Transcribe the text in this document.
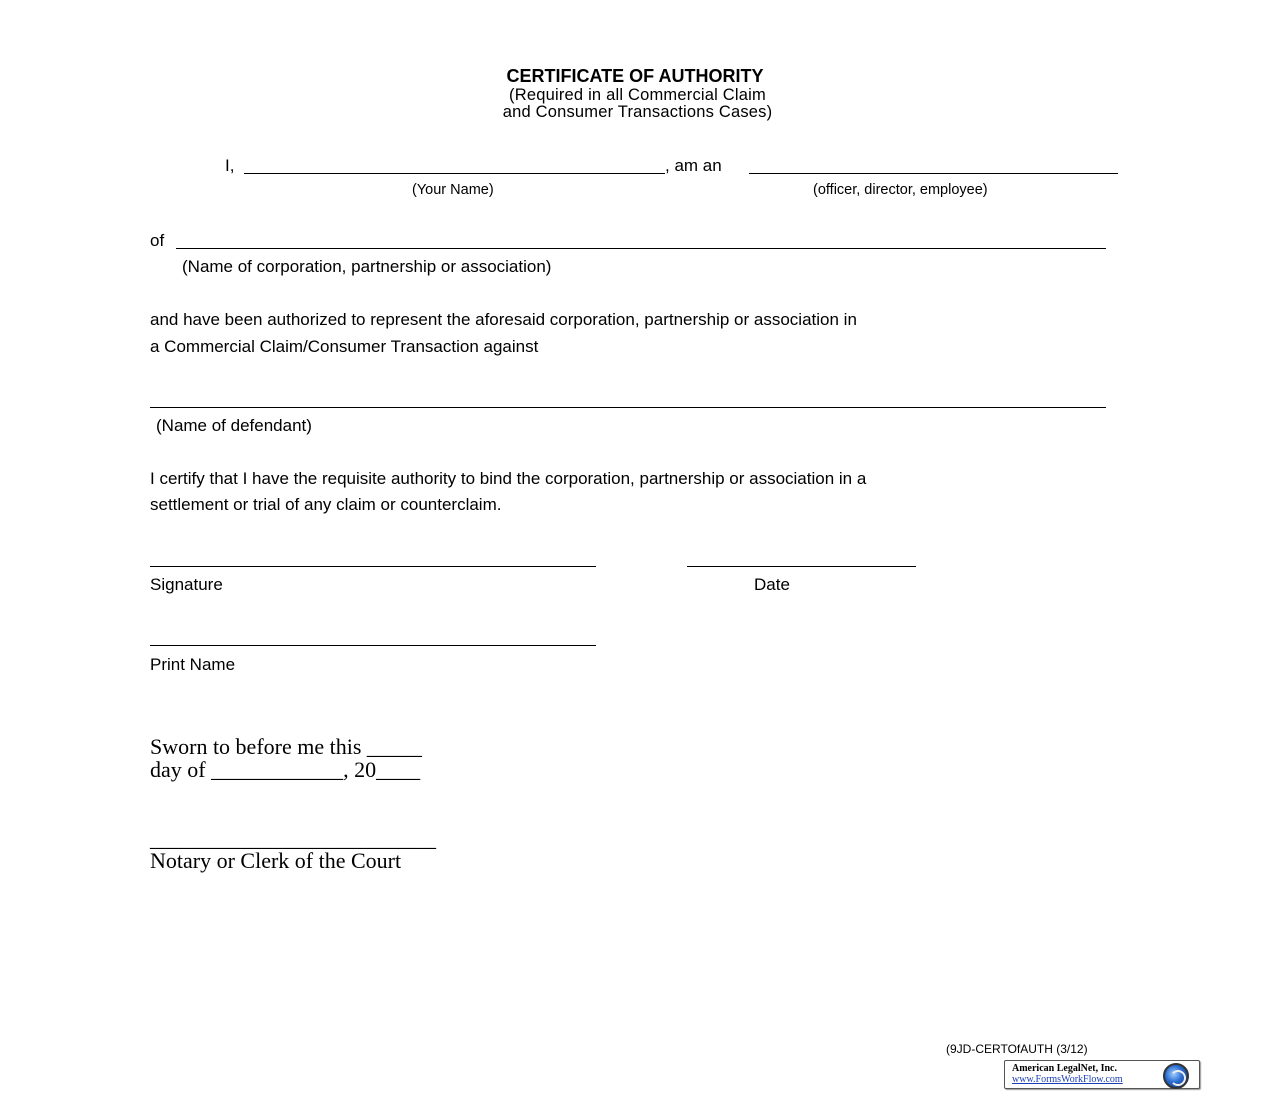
CERTIFICATE OF AUTHORITY
(Required in all Commercial Claim
and Consumer Transactions Cases)
I,	, am an
(Your Name)	(officer, director, employee)
of
(Name of corporation, partnership or association)
and have been authorized to represent the aforesaid corporation, partnership or association in
a Commercial Claim/Consumer Transaction against
(Name of defendant)
I certify that I have the requisite authority to bind the corporation, partnership or association in a
settlement or trial of any claim or counterclaim.
Signature	Date
Print Name
Sworn to before me this _____
day of ____________, 20____
__________________________
Notary or Clerk of the Court
(9JD-CERTOfAUTH (3/12)
American LegalNet, Inc.
www.FormsWorkFlow.com
